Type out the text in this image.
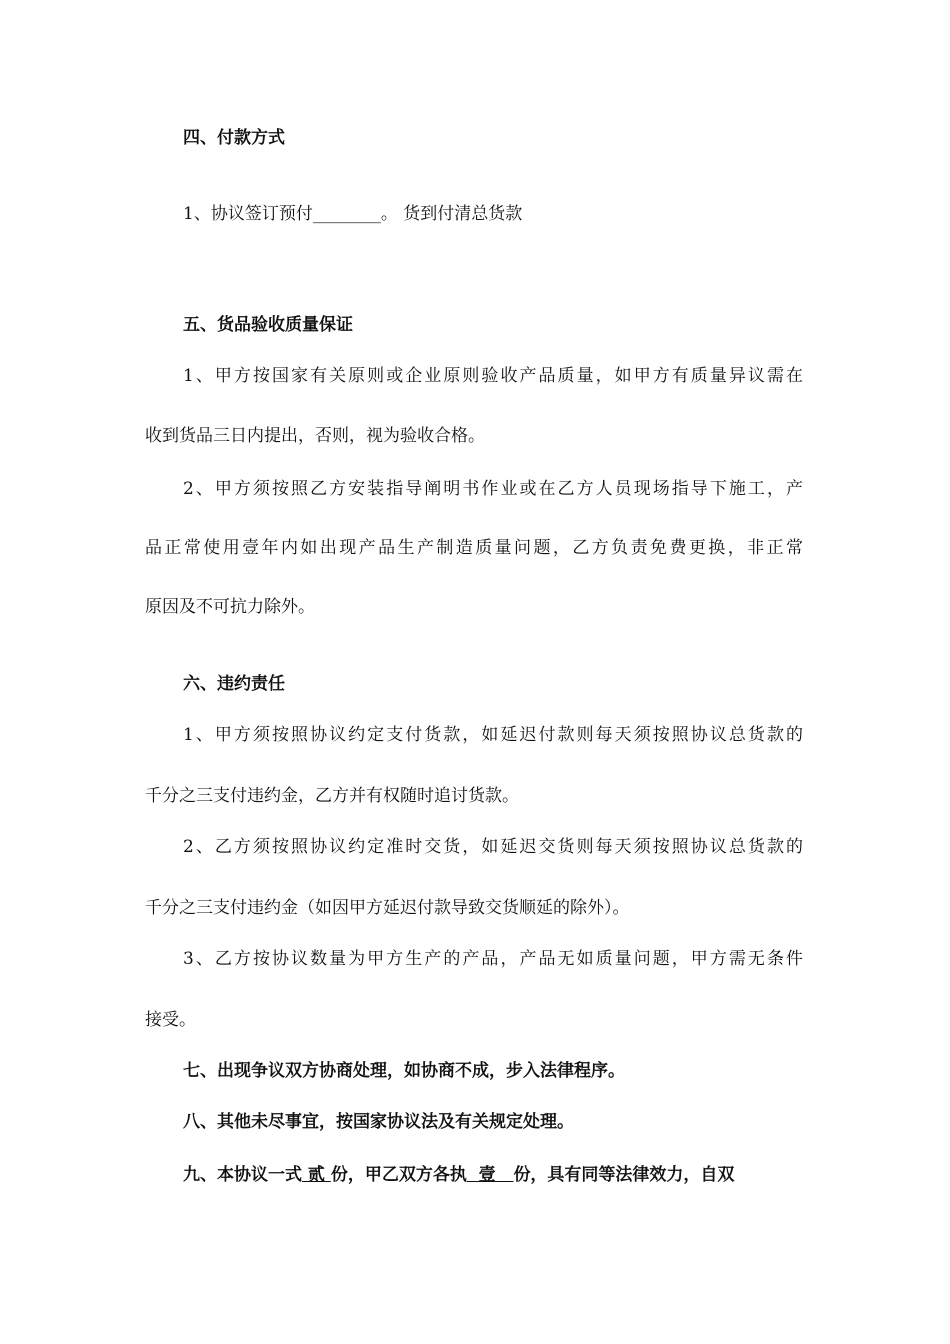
四、付款方式
1、协议签订预付________。 货到付清总货款
五、货品验收质量保证
1、甲方按国家有关原则或企业原则验收产品质量，如甲方有质量异议需在
收到货品三日内提出，否则，视为验收合格。
2、甲方须按照乙方安装指导阐明书作业或在乙方人员现场指导下施工，产
品正常使用壹年内如出现产品生产制造质量问题，乙方负责免费更换，非正常
原因及不可抗力除外。
六、违约责任
1、甲方须按照协议约定支付货款，如延迟付款则每天须按照协议总货款的
千分之三支付违约金，乙方并有权随时追讨货款。
2、乙方须按照协议约定准时交货，如延迟交货则每天须按照协议总货款的
千分之三支付违约金（如因甲方延迟付款导致交货顺延的除外）。
3、乙方按协议数量为甲方生产的产品，产品无如质量问题，甲方需无条件
接受。
七、出现争议双方协商处理，如协商不成，步入法律程序。
八、其他未尽事宜，按国家协议法及有关规定处理。
九、本协议一式 贰 份，甲乙双方各执  壹   份，具有同等法律效力，自双
